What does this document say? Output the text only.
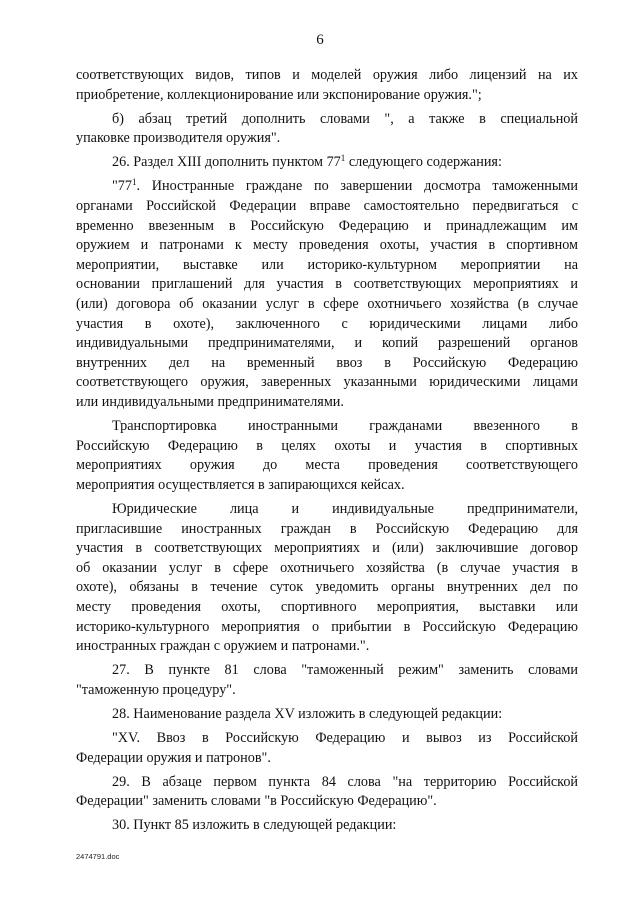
6
соответствующих видов, типов и моделей оружия либо лицензий на их
приобретение, коллекционирование или экспонирование оружия.";
б) абзац третий дополнить словами ", а также в специальной
упаковке производителя оружия".
26. Раздел XIII дополнить пунктом $77^1$ следующего содержания:
"$77^1$. Иностранные граждане по завершении досмотра таможенными
органами Российской Федерации вправе самостоятельно передвигаться с
временно ввезенным в Российскую Федерацию и принадлежащим им
оружием и патронами к месту проведения охоты, участия в спортивном
мероприятии, выставке или историко-культурном мероприятии на
основании приглашений для участия в соответствующих мероприятиях и
(или) договора об оказании услуг в сфере охотничьего хозяйства (в случае
участия в охоте), заключенного с юридическими лицами либо
индивидуальными предпринимателями, и копий разрешений органов
внутренних дел на временный ввоз в Российскую Федерацию
соответствующего оружия, заверенных указанными юридическими лицами
или индивидуальными предпринимателями.
Транспортировка иностранными гражданами ввезенного в
Российскую Федерацию в целях охоты и участия в спортивных
мероприятиях оружия до места проведения соответствующего
мероприятия осуществляется в запирающихся кейсах.
Юридические лица и индивидуальные предприниматели,
пригласившие иностранных граждан в Российскую Федерацию для
участия в соответствующих мероприятиях и (или) заключившие договор
об оказании услуг в сфере охотничьего хозяйства (в случае участия в
охоте), обязаны в течение суток уведомить органы внутренних дел по
месту проведения охоты, спортивного мероприятия, выставки или
историко-культурного мероприятия о прибытии в Российскую Федерацию
иностранных граждан с оружием и патронами.".
27. В пункте 81 слова "таможенный режим" заменить словами
"таможенную процедуру".
28. Наименование раздела XV изложить в следующей редакции:
"XV. Ввоз в Российскую Федерацию и вывоз из Российской
Федерации оружия и патронов".
29. В абзаце первом пункта 84 слова "на территорию Российской
Федерации" заменить словами "в Российскую Федерацию".
30. Пункт 85 изложить в следующей редакции:
2474791.doc
